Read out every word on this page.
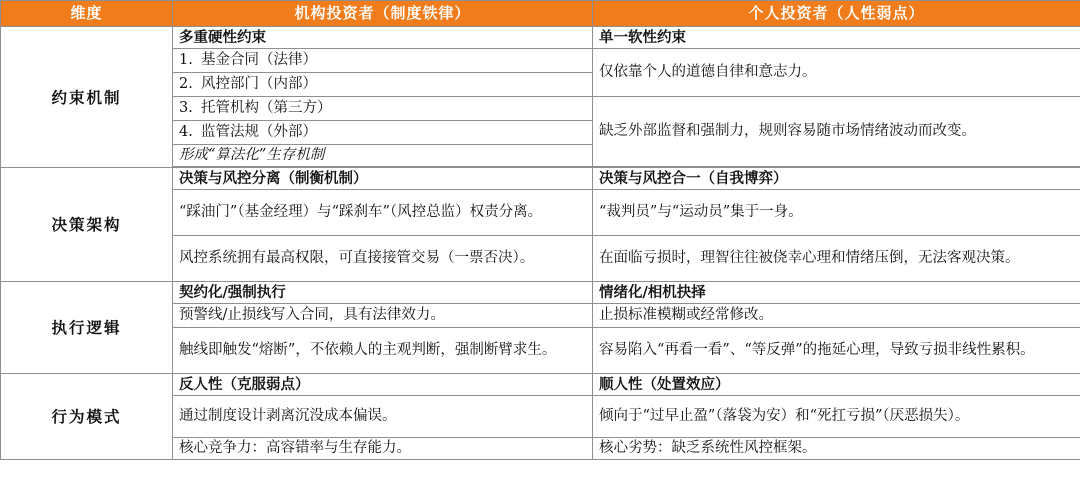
维度	机构投资者（制度铁律）	个人投资者（人性弱点）
约束机制	多重硬性约束	单一软性约束
	1. 基金合同（法律）	仅依靠个人的道德自律和意志力。
	2. 风控部门（内部）	
	3. 托管机构（第三方）	缺乏外部监督和强制力，规则容易随市场情绪波动而改变。
	4. 监管法规（外部）	
	形成“算法化”生存机制	

决策架构	决策与风控分离（制衡机制）	决策与风控合一（自我博弈）
	“踩油门”（基金经理）与“踩刹车”（风控总监）权责分离。	“裁判员”与“运动员”集于一身。
	风控系统拥有最高权限，可直接接管交易（一票否决）。	在面临亏损时，理智往往被侥幸心理和情绪压倒，无法客观决策。
执行逻辑	契约化/强制执行	情绪化/相机抉择
	预警线/止损线写入合同，具有法律效力。	止损标准模糊或经常修改。
	触线即触发“熔断”，不依赖人的主观判断，强制断臂求生。	容易陷入“再看一看”、“等反弹”的拖延心理，导致亏损非线性累积。
行为模式	反人性（克服弱点）	顺人性（处置效应）
	通过制度设计剥离沉没成本偏误。	倾向于“过早止盈”（落袋为安）和“死扛亏损”（厌恶损失）。
	核心竞争力：高容错率与生存能力。	核心劣势：缺乏系统性风控框架。
